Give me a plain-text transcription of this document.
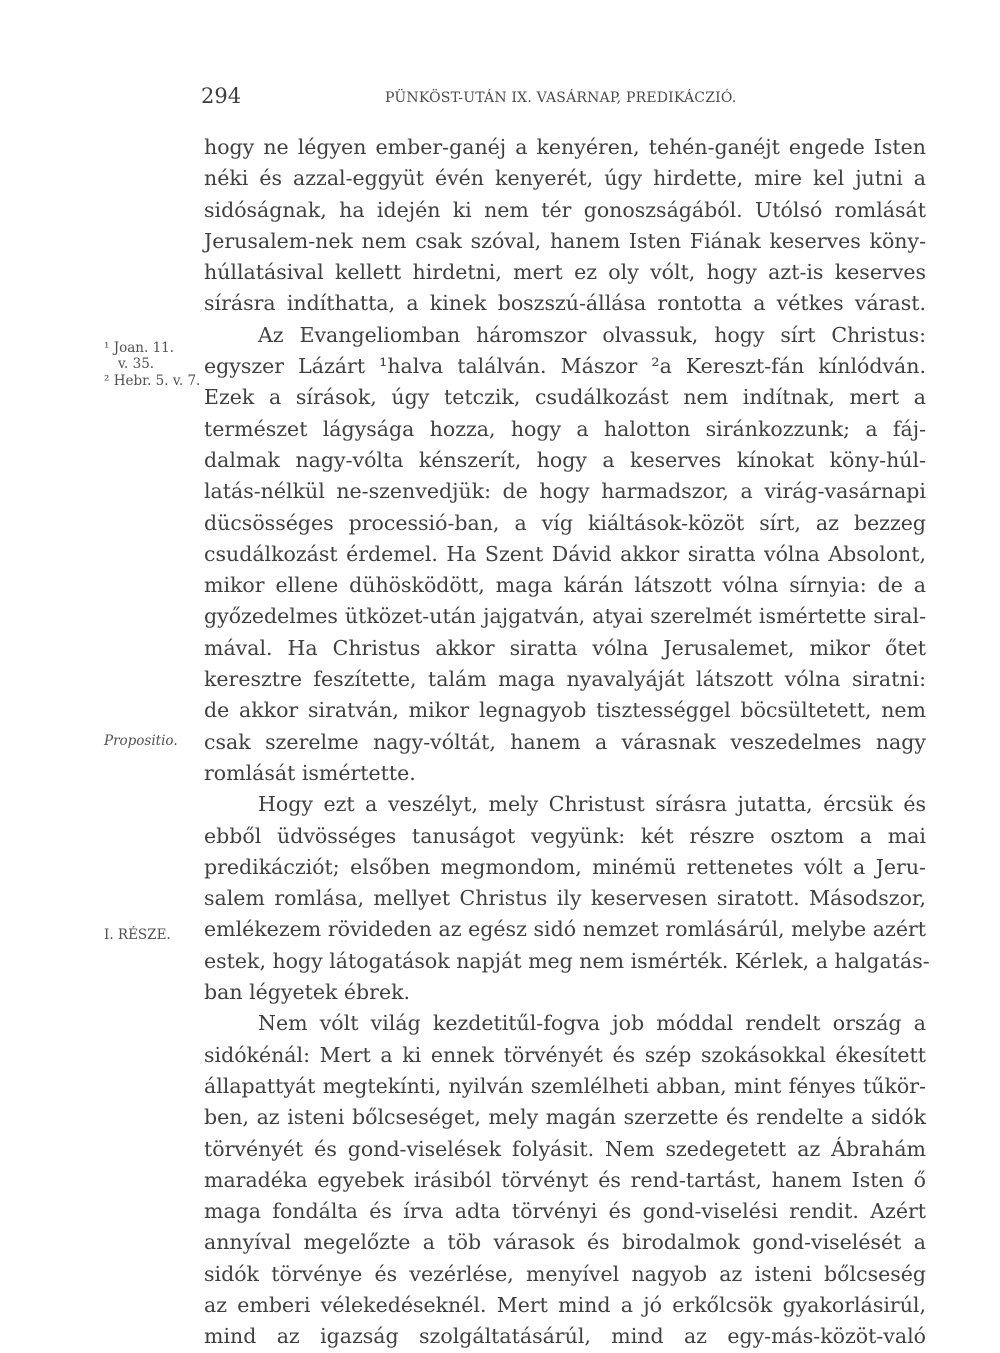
294	PÜNKÖST-UTÁN IX. VASÁRNAP, PREDIKÁCZIÓ.
¹ Joan. 11.
v. 35.
² Hebr. 5. v. 7.
Propositio.
I. RÉSZE.
hogy ne légyen ember-ganéj a kenyéren, tehén-ganéjt engede Isten
néki és azzal-eggyüt évén kenyerét, úgy hirdette, mire kel jutni a
sidóságnak, ha idején ki nem tér gonoszságából. Utólsó romlását
Jerusalem-nek nem csak szóval, hanem Isten Fiának keserves köny-
húllatásival kellett hirdetni, mert ez oly vólt, hogy azt-is keserves
sírásra indíthatta, a kinek boszszú-állása rontotta a vétkes várast.
Az Evangeliomban háromszor olvassuk, hogy sírt Christus:
egyszer Lázárt ¹halva találván. Mászor ²a Kereszt-fán kínlódván.
Ezek a sírások, úgy tetczik, csudálkozást nem indítnak, mert a
természet lágysága hozza, hogy a halotton siránkozzunk; a fáj-
dalmak nagy-vólta kénszerít, hogy a keserves kínokat köny-húl-
latás-nélkül ne-szenvedjük: de hogy harmadszor, a virág-vasárnapi
dücsösséges processió-ban, a víg kiáltások-közöt sírt, az bezzeg
csudálkozást érdemel. Ha Szent Dávid akkor siratta vólna Absolont,
mikor ellene dühösködött, maga kárán látszott vólna sírnyia: de a
győzedelmes ütközet-után jajgatván, atyai szerelmét ismértette siral-
mával. Ha Christus akkor siratta vólna Jerusalemet, mikor őtet
keresztre feszítette, talám maga nyavalyáját látszott vólna siratni:
de akkor siratván, mikor legnagyob tisztességgel böcsültetett, nem
csak szerelme nagy-vóltát, hanem a várasnak veszedelmes nagy
romlását ismértette.
Hogy ezt a veszélyt, mely Christust sírásra jutatta, ércsük és
ebből üdvösséges tanuságot vegyünk: két részre osztom a mai
predikácziót; elsőben megmondom, minémü rettenetes vólt a Jeru-
salem romlása, mellyet Christus ily keservesen siratott. Másodszor,
emlékezem rövideden az egész sidó nemzet romlásárúl, melybe azért
estek, hogy látogatások napját meg nem ismérték. Kérlek, a halgatás-
ban légyetek ébrek.
Nem vólt világ kezdetitűl-fogva job móddal rendelt ország a
sidókénál: Mert a ki ennek törvényét és szép szokásokkal ékesített
állapattyát megtekínti, nyilván szemlélheti abban, mint fényes tűkör-
ben, az isteni bőlcseséget, mely magán szerzette és rendelte a sidók
törvényét és gond-viselések folyásit. Nem szedegetett az Ábrahám
maradéka egyebek irásiból törvényt és rend-tartást, hanem Isten ő
maga fondálta és írva adta törvényi és gond-viselési rendit. Azért
annyíval megelőzte a töb várasok és birodalmok gond-viselését a
sidók törvénye és vezérlése, menyível nagyob az isteni bőlcseség
az emberi vélekedéseknél. Mert mind a jó erkőlcsök gyakorlásirúl,
mind az igazság szolgáltatásárúl, mind az egy-más-közöt-való
